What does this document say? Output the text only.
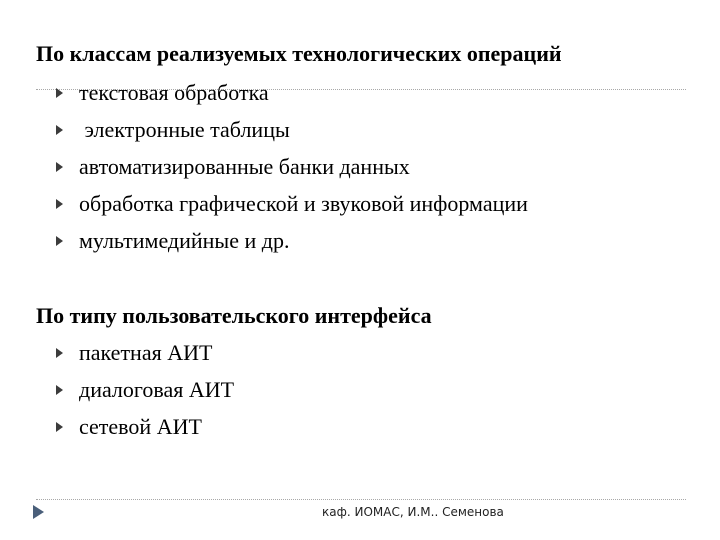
По классам реализуемых технологических операций
текстовая обработка
электронные таблицы
автоматизированные банки данных
обработка графической и звуковой информации
мультимедийные и др.
По типу пользовательского интерфейса
пакетная АИТ
диалоговая АИТ
сетевой АИТ
каф. ИОМАС, И.М.. Семенова
